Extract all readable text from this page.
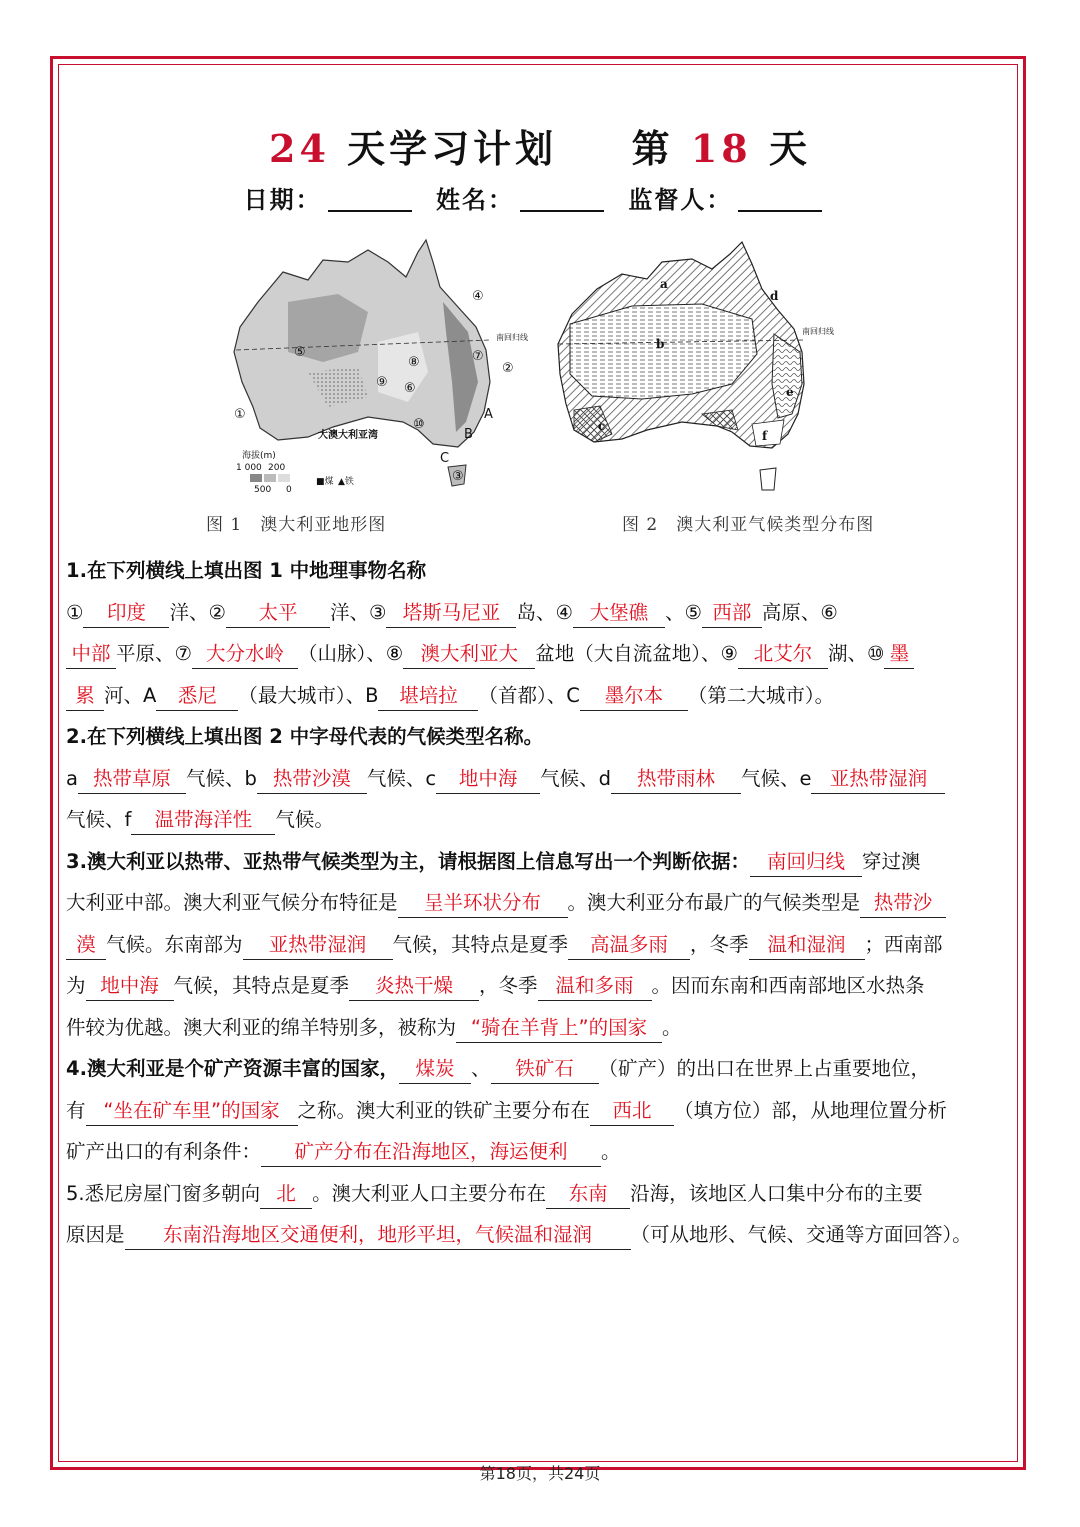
24 天学习计划 第 18 天
日期：	姓名：	监督人：
南回归线
①
②
③
④
⑤
⑥
⑦
⑧
⑨
⑩
A
B
C
大澳大利亚湾
海拔(m)
1 000 200
500 0
■煤 ▲铁
南回归线
a
b
c
d
e
f
图 1　澳大利亚地形图	图 2　澳大利亚气候类型分布图
1.在下列横线上填出图 1 中地理事物名称
① 印度 洋、② 太平 洋、③ 塔斯马尼亚 岛、④ 大堡礁 、⑤ 西部 高原、⑥
中部 平原、⑦ 大分水岭 （山脉）、⑧ 澳大利亚大 盆地（大自流盆地）、⑨ 北艾尔 湖、⑩ 墨
累 河、A 悉尼 （最大城市）、B 堪培拉 （首都）、C 墨尔本 （第二大城市）。
2.在下列横线上填出图 2 中字母代表的气候类型名称。
a 热带草原 气候、b 热带沙漠 气候、c 地中海 气候、d 热带雨林 气候、e 亚热带湿润
气候、f 温带海洋性 气候。
3.澳大利亚以热带、亚热带气候类型为主，请根据图上信息写出一个判断依据： 南回归线 穿过澳
大利亚中部。澳大利亚气候分布特征是 呈半环状分布 。澳大利亚分布最广的气候类型是 热带沙
漠 气候。东南部为 亚热带湿润 气候，其特点是夏季 高温多雨 ，冬季 温和湿润 ；西南部
为 地中海 气候，其特点是夏季 炎热干燥 ，冬季 温和多雨 。因而东南和西南部地区水热条
件较为优越。澳大利亚的绵羊特别多，被称为 “骑在羊背上”的国家 。
4.澳大利亚是个矿产资源丰富的国家， 煤炭 、 铁矿石 （矿产）的出口在世界上占重要地位，
有 “坐在矿车里”的国家 之称。澳大利亚的铁矿主要分布在 西北 （填方位）部，从地理位置分析
矿产出口的有利条件： 矿产分布在沿海地区，海运便利 。
5.悉尼房屋门窗多朝向 北 。澳大利亚人口主要分布在 东南 沿海，该地区人口集中分布的主要
原因是 东南沿海地区交通便利，地形平坦，气候温和湿润 （可从地形、气候、交通等方面回答）。
第18页，共24页
